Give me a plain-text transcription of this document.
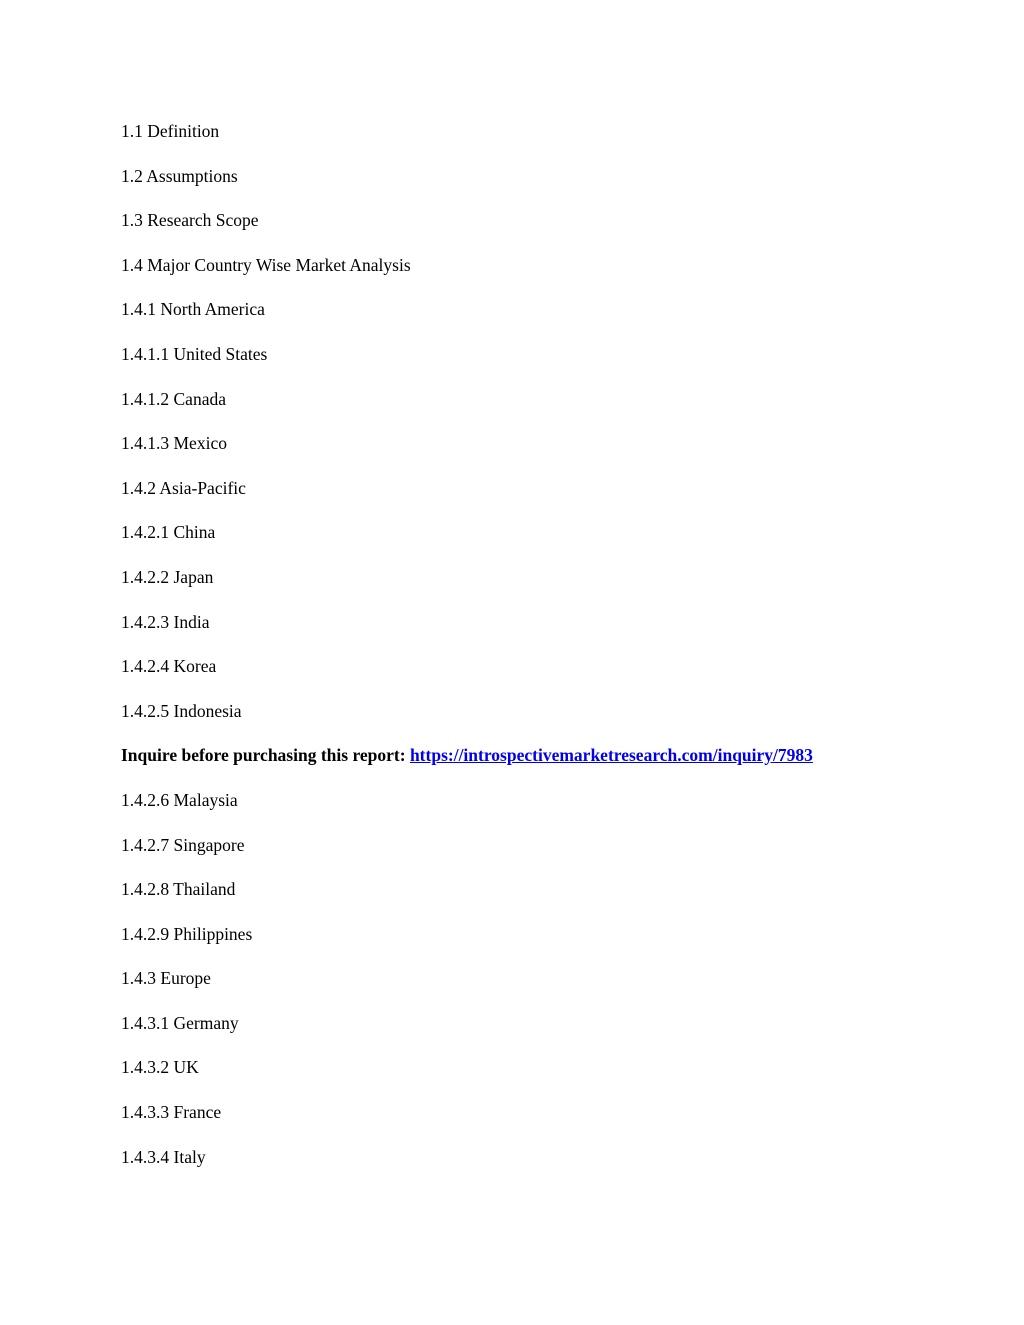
1.1 Definition
1.2 Assumptions
1.3 Research Scope
1.4 Major Country Wise Market Analysis
1.4.1 North America
1.4.1.1 United States
1.4.1.2 Canada
1.4.1.3 Mexico
1.4.2 Asia-Pacific
1.4.2.1 China
1.4.2.2 Japan
1.4.2.3 India
1.4.2.4 Korea
1.4.2.5 Indonesia
Inquire before purchasing this report: https://introspectivemarketresearch.com/inquiry/7983
1.4.2.6 Malaysia
1.4.2.7 Singapore
1.4.2.8 Thailand
1.4.2.9 Philippines
1.4.3 Europe
1.4.3.1 Germany
1.4.3.2 UK
1.4.3.3 France
1.4.3.4 Italy
